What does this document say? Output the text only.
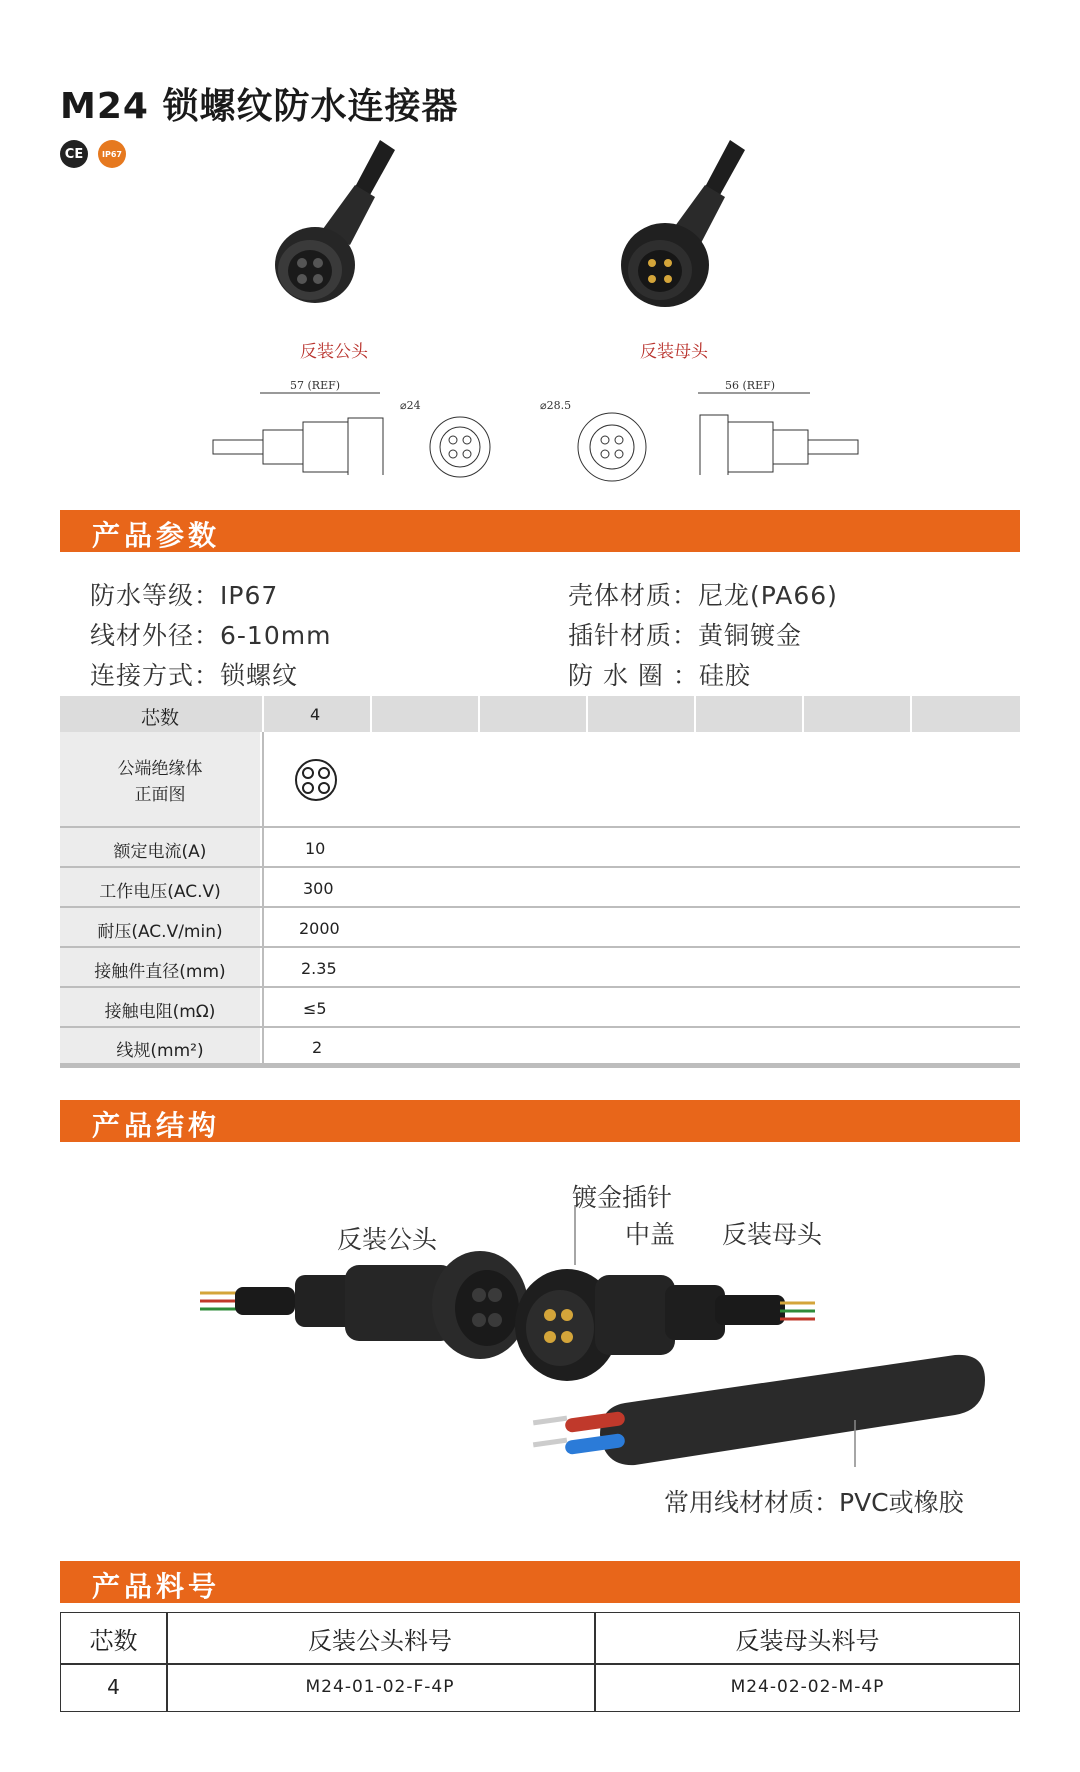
M24 锁螺纹防水连接器
CE	IP67
反装公头	反装母头
57 (REF)
⌀24	⌀28.5
56 (REF)
产品参数
防水等级：IP67
线材外径：6-10mm
连接方式：锁螺纹
壳体材质：尼龙(PA66)
插针材质：黄铜镀金
防 水 圈 ：硅胶
芯数	4
公端绝缘体
正面图
额定电流(A)	10
工作电压(AC.V)	300
耐压(AC.V/min)	2000
接触件直径(mm)	2.35
接触电阻(mΩ)	≤5
线规(mm²)	2
产品结构
反装公头
镀金插针
中盖 反装母头
常用线材材质：PVC或橡胶
产品料号
芯数	反装公头料号	反装母头料号
4	M24-01-02-F-4P	M24-02-02-M-4P
